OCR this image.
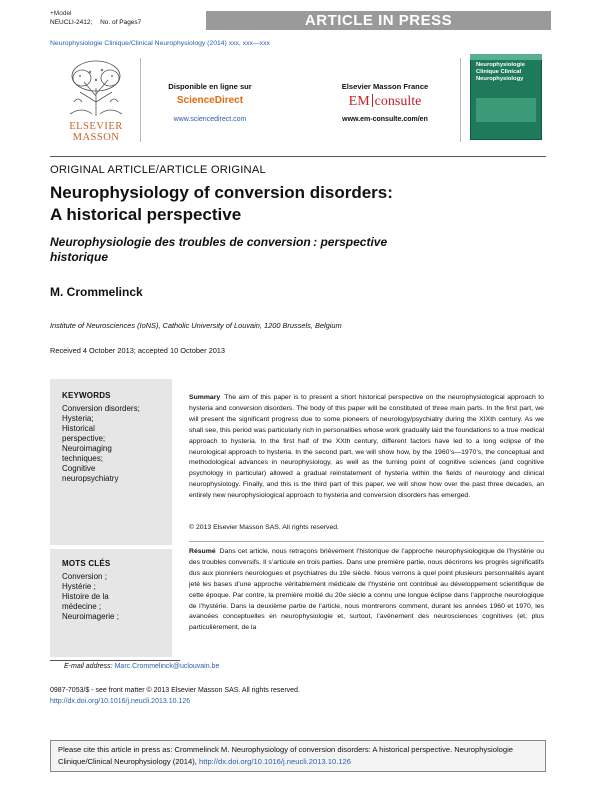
+Model
NEUCLI-2412; No. of Pages7	ARTICLE IN PRESS
Neurophysiologie Clinique/Clinical Neurophysiology (2014) xxx, xxx—xxx
ELSEVIER
MASSON
Disponible en ligne sur
ScienceDirect
www.sciencedirect.com
Elsevier Masson France
EM consulte
www.em-consulte.com/en
Neurophysiologie Clinique Clinical Neurophysiology
ORIGINAL ARTICLE/ARTICLE ORIGINAL
Neurophysiology of conversion disorders:
A historical perspective
Neurophysiologie des troubles de conversion : perspective
historique
M. Crommelinck
Institute of Neurosciences (IoNS), Catholic University of Louvain, 1200 Brussels, Belgium
Received 4 October 2013; accepted 10 October 2013
KEYWORDS
Conversion disorders;
Hysteria;
Historical
perspective;
Neuroimaging
techniques;
Cognitive
neuropsychiatry
MOTS CLÉS
Conversion ;
Hystérie ;
Histoire de la
médecine ;
Neuroimagerie ;
Summary The aim of this paper is to present a short historical perspective on the neurophysiological approach to hysteria and conversion disorders. The body of this paper will be constituted of three main parts. In the first part, we will present the significant progress due to some pioneers of neurology/psychiatry during the XIXth century. As we shall see, this period was particularly rich in personalities whose work gradually laid the foundations to a true medical approach to hysteria. In the first half of the XXth century, different factors have led to a long eclipse of the neurological approach to hysteria. In the second part, we will show how, by the 1960’s—1970’s, the conceptual and methodological advances in neurophysiology, as well as the turning point of cognitive sciences (and cognitive psychology in particular) allowed a gradual reinstatement of hysteria within the fields of neurology and clinical neurophysiology. Finally, and this is the third part of this paper, we will show how over the past three decades, an entirely new neurophysiological approach to hysteria and conversion disorders has emerged.
© 2013 Elsevier Masson SAS. All rights reserved.
Résumé Dans cet article, nous retraçons brièvement l’historique de l’approche neurophysiologique de l’hystérie ou des troubles conversifs. Il s’articule en trois parties. Dans une première partie, nous décrirons les progrès significatifs dus aux pionniers neurologues et psychiatres du 19e siècle. Nous verrons à quel point plusieurs personnalités ayant jeté les bases d’une approche véritablement médicale de l’hystérie ont contribué au développement scientifique de cette époque. Par contre, la première moitié du 20e siècle a connu une longue éclipse dans l’approche neurologique de l’hystérie. Dans la deuxième partie de l’article, nous montrerons comment, durant les années 1960 et 1970, les avancées conceptuelles en neurophysiologie et, surtout, l’avènement des neurosciences cognitives (et, plus particulièrement, de la
E-mail address: Marc.Crommelinck@uclouvain.be
0987-7053/$ - see front matter © 2013 Elsevier Masson SAS. All rights reserved.
http://dx.doi.org/10.1016/j.neucli.2013.10.126
Please cite this article in press as: Crommelinck M. Neurophysiology of conversion disorders: A historical perspective. Neurophysiologie Clinique/Clinical Neurophysiology (2014), http://dx.doi.org/10.1016/j.neucli.2013.10.126
